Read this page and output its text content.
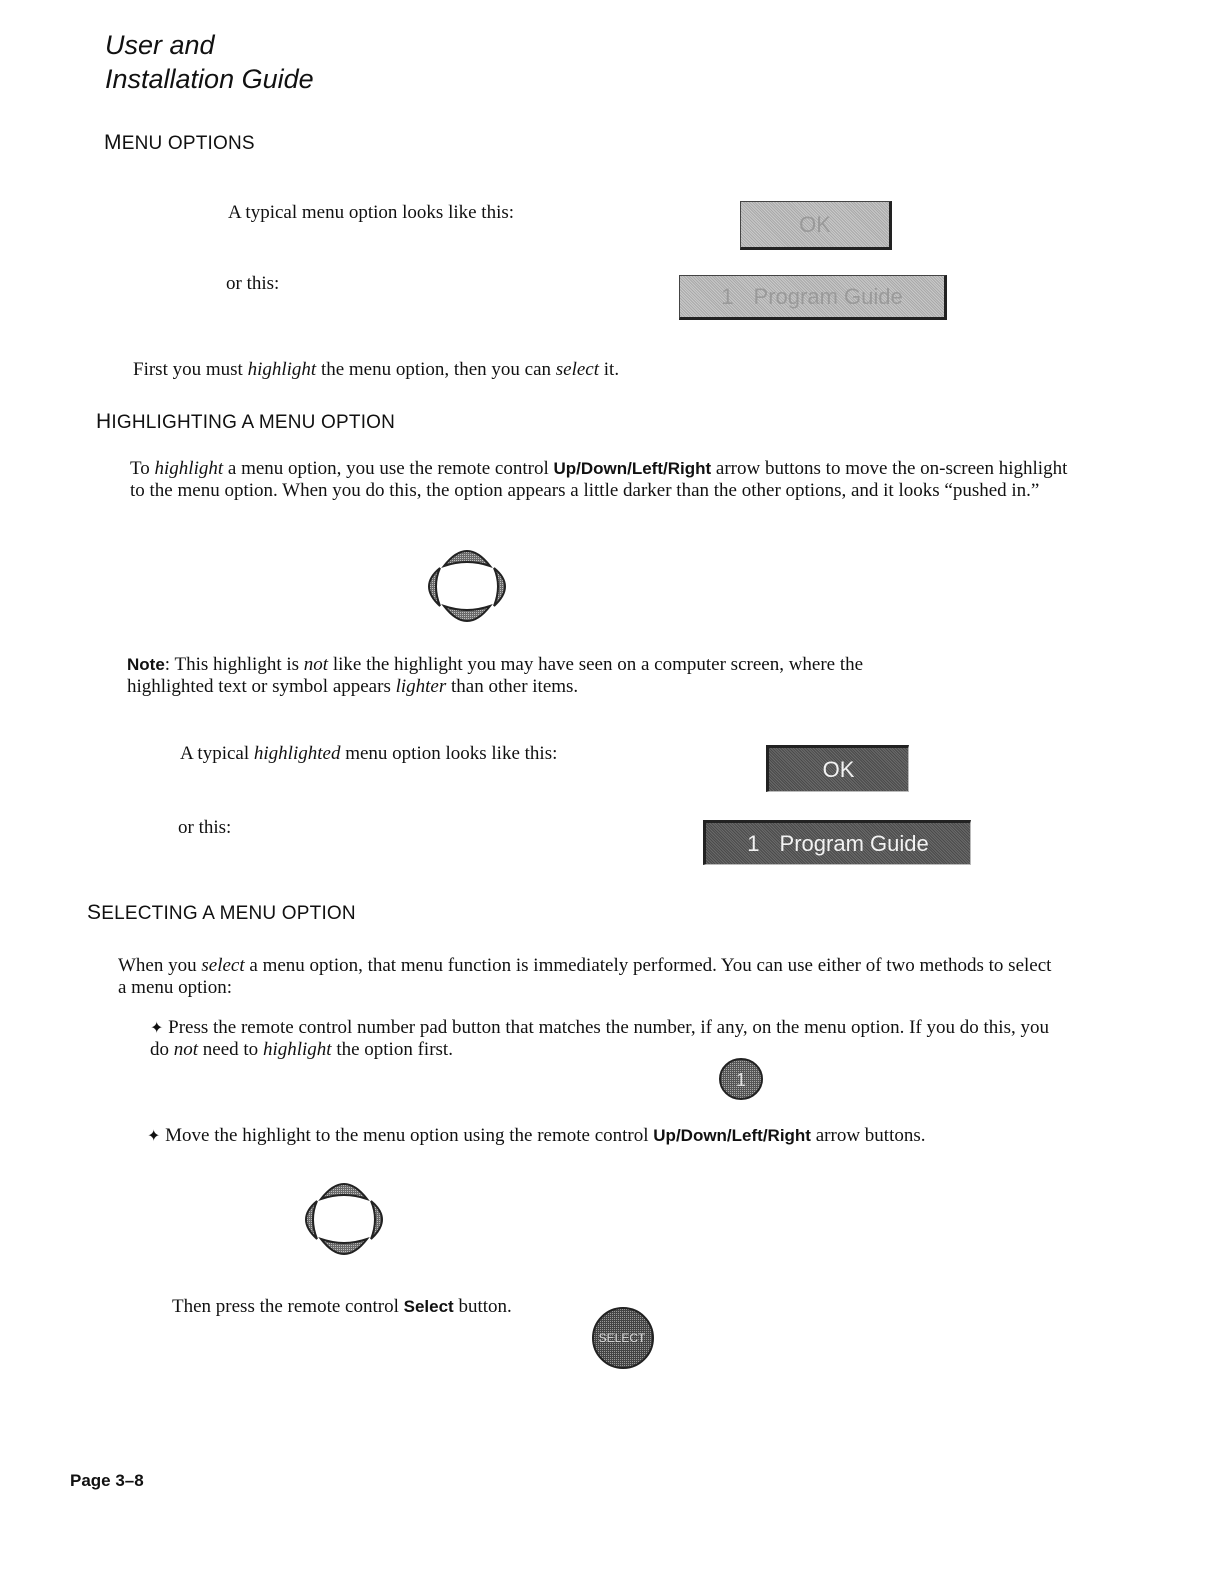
User and
Installation Guide
MENU OPTIONS
A typical menu option looks like this:	OK
or this:	1 Program Guide
First you must highlight the menu option, then you can select it.
HIGHLIGHTING A MENU OPTION
To highlight a menu option, you use the remote control Up/Down/Left/Right arrow buttons to move the on-screen highlight to the menu option. When you do this, the option appears a little darker than the other options, and it looks “pushed in.”
Note: This highlight is not like the highlight you may have seen on a computer screen, where the highlighted text or symbol appears lighter than other items.
A typical highlighted menu option looks like this:
OK
or this:
1 Program Guide
SELECTING A MENU OPTION
When you select a menu option, that menu function is immediately performed. You can use either of two methods to select a menu option:
✦ Press the remote control number pad button that matches the number, if any, on the menu option. If you do this, you do not need to highlight the option first.
1
✦ Move the highlight to the menu option using the remote control Up/Down/Left/Right arrow buttons.
Then press the remote control Select button.
SELECT
Page 3–8
